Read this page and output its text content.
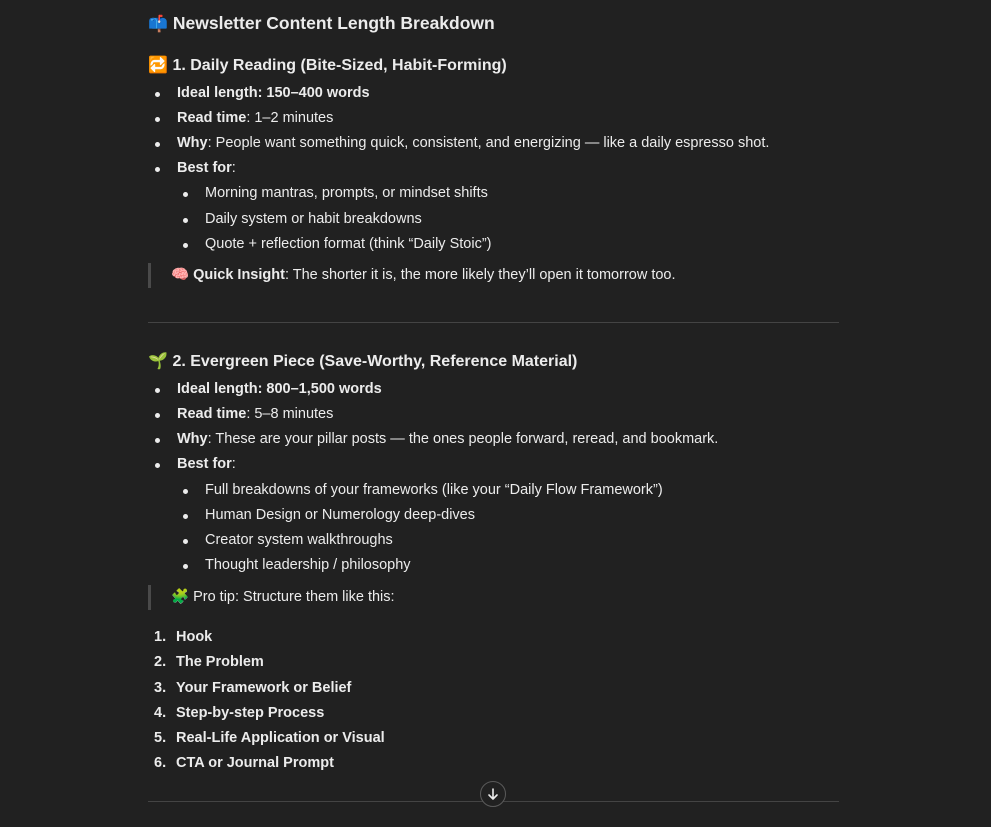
📫 Newsletter Content Length Breakdown
🔁 1. Daily Reading (Bite-Sized, Habit-Forming)
Ideal length: 150–400 words
Read time: 1–2 minutes
Why: People want something quick, consistent, and energizing — like a daily espresso shot.
Best for:
Morning mantras, prompts, or mindset shifts
Daily system or habit breakdowns
Quote + reflection format (think “Daily Stoic”)
🧠 Quick Insight: The shorter it is, the more likely they’ll open it tomorrow too.
🌱 2. Evergreen Piece (Save-Worthy, Reference Material)
Ideal length: 800–1,500 words
Read time: 5–8 minutes
Why: These are your pillar posts — the ones people forward, reread, and bookmark.
Best for:
Full breakdowns of your frameworks (like your “Daily Flow Framework”)
Human Design or Numerology deep-dives
Creator system walkthroughs
Thought leadership / philosophy
🧩 Pro tip: Structure them like this:
1. Hook
2. The Problem
3. Your Framework or Belief
4. Step-by-step Process
5. Real-Life Application or Visual
6. CTA or Journal Prompt
